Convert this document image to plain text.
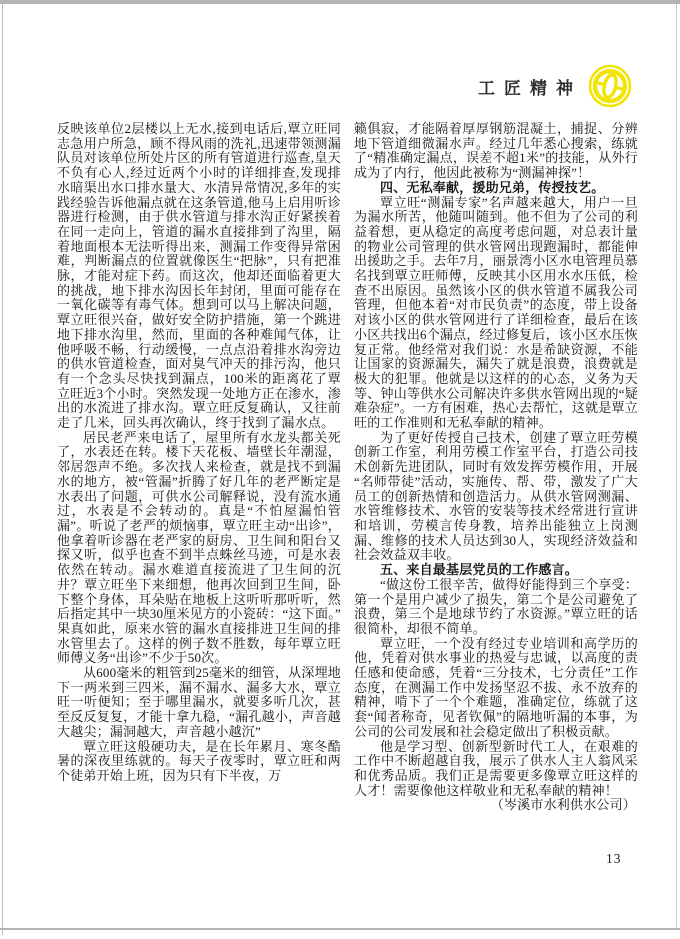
工匠精神

反映该单位2层楼以上无水,接到电话后,覃立旺同志急用户所急，顾不得风雨的洗礼,迅速带领测漏队员对该单位所处片区的所有管道进行巡查,皇天不负有心人,经过近两个小时的详细排查,发现排水暗渠出水口排水量大、水清异常情况,多年的实践经验告诉他漏点就在这条管道,他马上启用听诊器进行检测，由于供水管道与排水沟正好紧挨着在同一走向上，管道的漏水直接排到了沟里，隔着地面根本无法听得出来，测漏工作变得异常困难，判断漏点的位置就像医生“把脉”，只有把准脉，才能对症下药。而这次，他却还面临着更大的挑战，地下排水沟因长年封闭，里面可能存在一氧化碳等有毒气体。想到可以马上解决问题，覃立旺很兴奋，做好安全防护措施，第一个跳进地下排水沟里，然而，里面的各种难闻气体，让他呼吸不畅，行动缓慢，一点点沿着排水沟旁边的供水管道检查，面对臭气冲天的排污沟，他只有一个念头尽快找到漏点，100米的距离花了覃立旺近3个小时。突然发现一处地方正在渗水，渗出的水流进了排水沟。覃立旺反复确认，又往前走了几米，回头再次确认，终于找到了漏水点。

居民老严来电话了，屋里所有水龙头都关死了，水表还在转。楼下天花板、墙壁长年潮湿，邻居怨声不绝。多次找人来检查，就是找不到漏水的地方，被“管漏”折腾了好几年的老严断定是水表出了问题，可供水公司解释说，没有流水通过，水表是不会转动的。真是“不怕屋漏怕管漏”。听说了老严的烦恼事，覃立旺主动“出诊”，他拿着听诊器在老严家的厨房、卫生间和阳台又探又听，似乎也查不到半点蛛丝马迹，可是水表依然在转动。漏水难道直接流进了卫生间的沉井？覃立旺坐下来细想，他再次回到卫生间，卧下整个身体，耳朵贴在地板上这听听那听听，然后指定其中一块30厘米见方的小瓷砖：“这下面。”果真如此，原来水管的漏水直接排进卫生间的排水管里去了。这样的例子数不胜数，每年覃立旺师傅义务“出诊”不少于50次。

从600毫米的粗管到25毫米的细管，从深埋地下一两米到三四米，漏不漏水、漏多大水，覃立旺一听便知；至于哪里漏水，就要多听几次，甚至反反复复，才能十拿九稳，“漏孔越小，声音越大越尖；漏洞越大，声音越小越沉”

覃立旺这般硬功夫，是在长年累月、寒冬酷暑的深夜里练就的。每天子夜零时，覃立旺和两个徒弟开始上班，因为只有下半夜，万

籁俱寂，才能隔着厚厚钢筋混凝土，捕捉、分辨地下管道细微漏水声。经过几年悉心搜索，练就了“精准确定漏点，误差不超1米”的技能，从外行成为了内行，他因此被称为“测漏神探”！

四、无私奉献，援助兄弟，传授技艺。

覃立旺“测漏专家”名声越来越大，用户一旦为漏水所苦，他随叫随到。他不但为了公司的利益着想，更从稳定的高度考虑问题，对总表计量的物业公司管理的供水管网出现跑漏时，都能伸出援助之手。去年7月，丽景湾小区水电管理员慕名找到覃立旺师傅，反映其小区用水水压低，检查不出原因。虽然该小区的供水管道不属我公司管理，但他本着“对市民负责”的态度，带上设备对该小区的供水管网进行了详细检查，最后在该小区共找出6个漏点，经过修复后，该小区水压恢复正常。他经常对我们说：水是希缺资源，不能让国家的资源漏失，漏失了就是浪费，浪费就是极大的犯罪。他就是以这样的的心态，义务为天等、钟山等供水公司解决许多供水管网出现的“疑难杂症”。一方有困难，热心去帮忙，这就是覃立旺的工作准则和无私奉献的精神。

为了更好传授自己技术，创建了覃立旺劳模创新工作室，利用劳模工作室平台，打造公司技术创新先进团队，同时有效发挥劳模作用，开展“名师带徒”活动，实施传、帮、带，激发了广大员工的创新热情和创造活力。从供水管网测漏、水管维修技术、水管的安装等技术经常进行宣讲和培训，劳模言传身教，培养出能独立上岗测漏、维修的技术人员达到30人，实现经济效益和社会效益双丰收。

五、来自最基层党员的工作感言。

“做这份工很辛苦，做得好能得到三个享受：第一个是用户减少了损失，第二个是公司避免了浪费，第三个是地球节约了水资源。”覃立旺的话很简朴，却很不简单。

覃立旺，一个没有经过专业培训和高学历的他，凭着对供水事业的热爱与忠诚，以高度的责任感和使命感，凭着“三分技术，七分责任”工作态度，在测漏工作中发扬坚忍不拔、永不放弃的精神，啃下了一个个难题，准确定位，练就了这套“闻者称奇，见者钦佩”的隔地听漏的本事，为公司的公司发展和社会稳定做出了积极贡献。

他是学习型、创新型新时代工人，在艰难的工作中不断超越自我，展示了供水人主人翁风采和优秀品质。我们正是需要更多像覃立旺这样的人才！需要像他这样敬业和无私奉献的精神！

（岑溪市水利供水公司）

13
